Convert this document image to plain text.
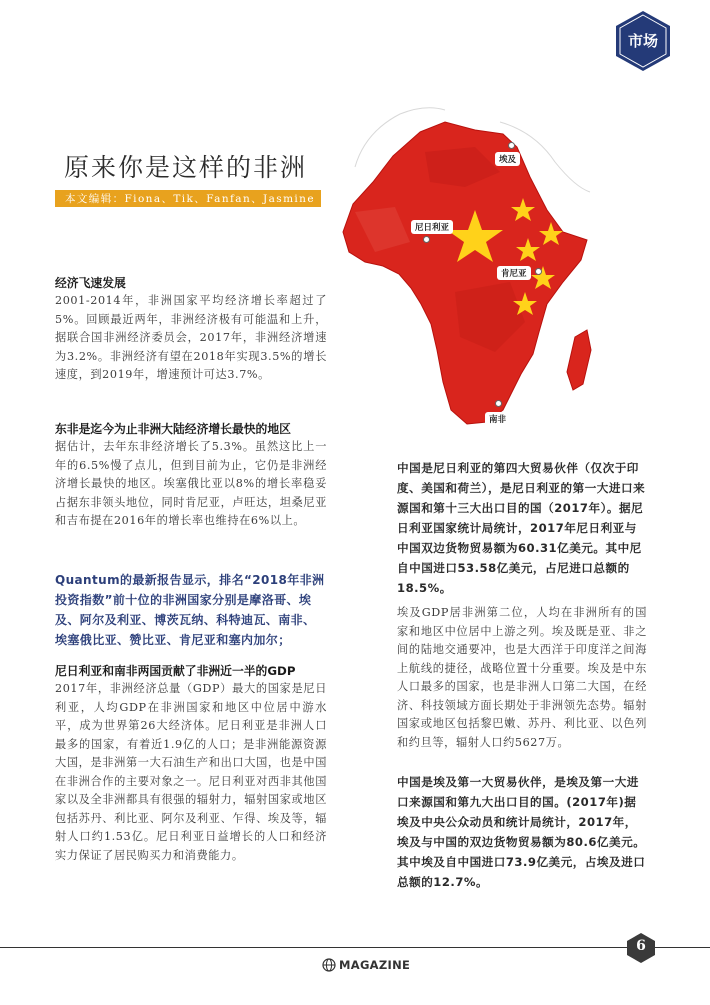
市场
原来你是这样的非洲
本文编辑：Fiona、Tik、Fanfan、Jasmine
埃及
尼日利亚
肯尼亚
南非

经济飞速发展

2001-2014年，非洲国家平均经济增长率超过了5%。回顾最近两年，非洲经济极有可能温和上升，据联合国非洲经济委员会，2017年，非洲经济增速为3.2%。非洲经济有望在2018年实现3.5%的增长速度，到2019年，增速预计可达3.7%。

东非是迄今为止非洲大陆经济增长最快的地区

据估计，去年东非经济增长了5.3%。虽然这比上一年的6.5%慢了点儿，但到目前为止，它仍是非洲经济增长最快的地区。埃塞俄比亚以8%的增长率稳妥占据东非领头地位，同时肯尼亚，卢旺达，坦桑尼亚和吉布提在2016年的增长率也维持在6%以上。

Quantum的最新报告显示，排名“2018年非洲投资指数”前十位的非洲国家分别是摩洛哥、埃及、阿尔及利亚、博茨瓦纳、科特迪瓦、南非、埃塞俄比亚、赞比亚、肯尼亚和塞内加尔；

尼日利亚和南非两国贡献了非洲近一半的GDP

2017年，非洲经济总量（GDP）最大的国家是尼日利亚，人均GDP在非洲国家和地区中位居中游水平，成为世界第26大经济体。尼日利亚是非洲人口最多的国家，有着近1.9亿的人口；是非洲能源资源大国，是非洲第一大石油生产和出口大国，也是中国在非洲合作的主要对象之一。尼日利亚对西非其他国家以及全非洲都具有很强的辐射力，辐射国家或地区包括苏丹、利比亚、阿尔及利亚、乍得、埃及等，辐射人口约1.53亿。尼日利亚日益增长的人口和经济实力保证了居民购买力和消费能力。

中国是尼日利亚的第四大贸易伙伴（仅次于印度、美国和荷兰），是尼日利亚的第一大进口来源国和第十三大出口目的国（2017年）。据尼日利亚国家统计局统计，2017年尼日利亚与中国双边货物贸易额为60.31亿美元。其中尼自中国进口53.58亿美元，占尼进口总额的18.5%。

埃及GDP居非洲第二位，人均在非洲所有的国家和地区中位居中上游之列。埃及既是亚、非之间的陆地交通要冲，也是大西洋于印度洋之间海上航线的捷径，战略位置十分重要。埃及是中东人口最多的国家，也是非洲人口第二大国，在经济、科技领域方面长期处于非洲领先态势。辐射国家或地区包括黎巴嫩、苏丹、利比亚、以色列和约旦等，辐射人口约5627万。

中国是埃及第一大贸易伙伴，是埃及第一大进口来源国和第九大出口目的国。(2017年)据埃及中央公众动员和统计局统计，2017年，埃及与中国的双边货物贸易额为80.6亿美元。其中埃及自中国进口73.9亿美元，占埃及进口总额的12.7%。

6
MAGAZINE
